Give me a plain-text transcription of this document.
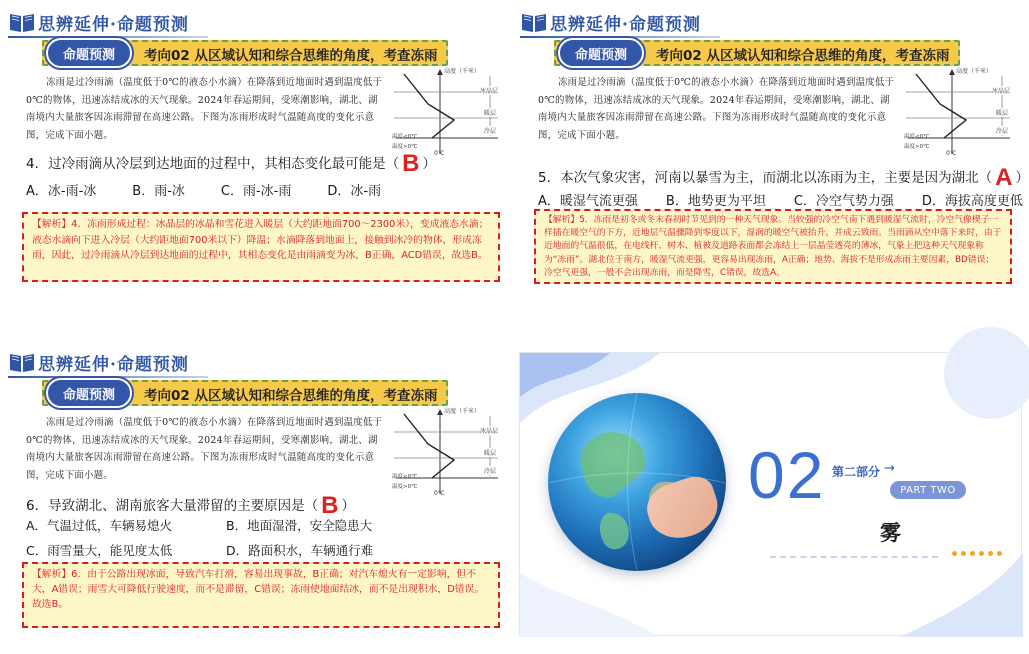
思辨延伸·命题预测
命题预测	考向02 从区域认知和综合思维的角度，考查冻雨
冻雨是过冷雨滴（温度低于0℃的液态小水滴）在降落到近地面时遇到温度低于0℃的物体，迅速冻结成冰的天气现象。2024年春运期间，受寒潮影响，湖北、湖南境内大量旅客因冻雨滞留在高速公路。下图为冻雨形成时气温随高度的变化示意图，完成下面小题。
高度（千米）
冰晶层
暖层
冷层
温度<0℃
温度>0℃
0℃
4．过冷雨滴从冷层到达地面的过程中，其相态变化最可能是（ B ）
A．冰-雨-冰	B．雨-冰	C．雨-冰-雨	D．冰-雨
【解析】4．冻雨形成过程：冰晶层的冰晶和雪花进入暖层（大约距地面700～2300米），变成液态水滴；液态水滴向下进入冷层（大约距地面700米以下）降温；水滴降落到地面上，接触到冰冷的物体，形成冻雨，因此，过冷雨滴从冷层到达地面的过程中，其相态变化是由雨滴变为冰，B正确，ACD错误，故选B。
思辨延伸·命题预测
命题预测	考向02 从区域认知和综合思维的角度，考查冻雨
冻雨是过冷雨滴（温度低于0℃的液态小水滴）在降落到近地面时遇到温度低于0℃的物体，迅速冻结成冰的天气现象。2024年春运期间，受寒潮影响，湖北、湖南境内大量旅客因冻雨滞留在高速公路。下图为冻雨形成时气温随高度的变化示意图，完成下面小题。
高度（千米）
冰晶层
暖层
冷层
温度<0℃
温度>0℃
0℃
5．本次气象灾害，河南以暴雪为主，而湖北以冻雨为主，主要是因为湖北（ A ）
A．暖湿气流更强 B．地势更为平坦 C．冷空气势力强 D．海拔高度更低
【解析】5．冻雨是初冬或冬末春初时节见到的一种天气现象。当较强的冷空气南下遇到暖湿气流时，冷空气像楔子一样插在暖空气的下方，近地层气温骤降到零度以下，湿润的暖空气被抬升，并成云致雨。当雨滴从空中落下来时，由于近地面的气温很低，在电线杆、树木、植被及道路表面都会冻结上一层晶莹透亮的薄冰，气象上把这种天气现象称为“冻雨”。湖北位于南方，暖湿气流更强，更容易出现冻雨，A正确；地势、海拔不是形成冻雨主要因素，BD错误；冷空气更强，一般不会出现冻雨，而是降雪，C错误，故选A。
思辨延伸·命题预测
命题预测	考向02 从区域认知和综合思维的角度，考查冻雨
冻雨是过冷雨滴（温度低于0℃的液态小水滴）在降落到近地面时遇到温度低于0℃的物体，迅速冻结成冰的天气现象。2024年春运期间，受寒潮影响，湖北、湖南境内大量旅客因冻雨滞留在高速公路。下图为冻雨形成时气温随高度的变化示意图，完成下面小题。
高度（千米）
冰晶层
暖层
冷层
温度<0℃
温度>0℃
0℃
6．导致湖北、湖南旅客大量滞留的主要原因是（ B ）
A．气温过低，车辆易熄火	B．地面湿滑，安全隐患大
C．雨雪量大，能见度太低	D．路面积水，车辆通行难
【解析】6．由于公路出现冰面，导致汽车打滑，容易出现事故，B正确；对汽车熄火有一定影响，但不大，A错误；雨雪大可降低行驶速度，而不是滞留，C错误；冻雨使地面结冰，而不是出现积水，D错误。故选B。
02 第二部分 →
PART TWO
雾
